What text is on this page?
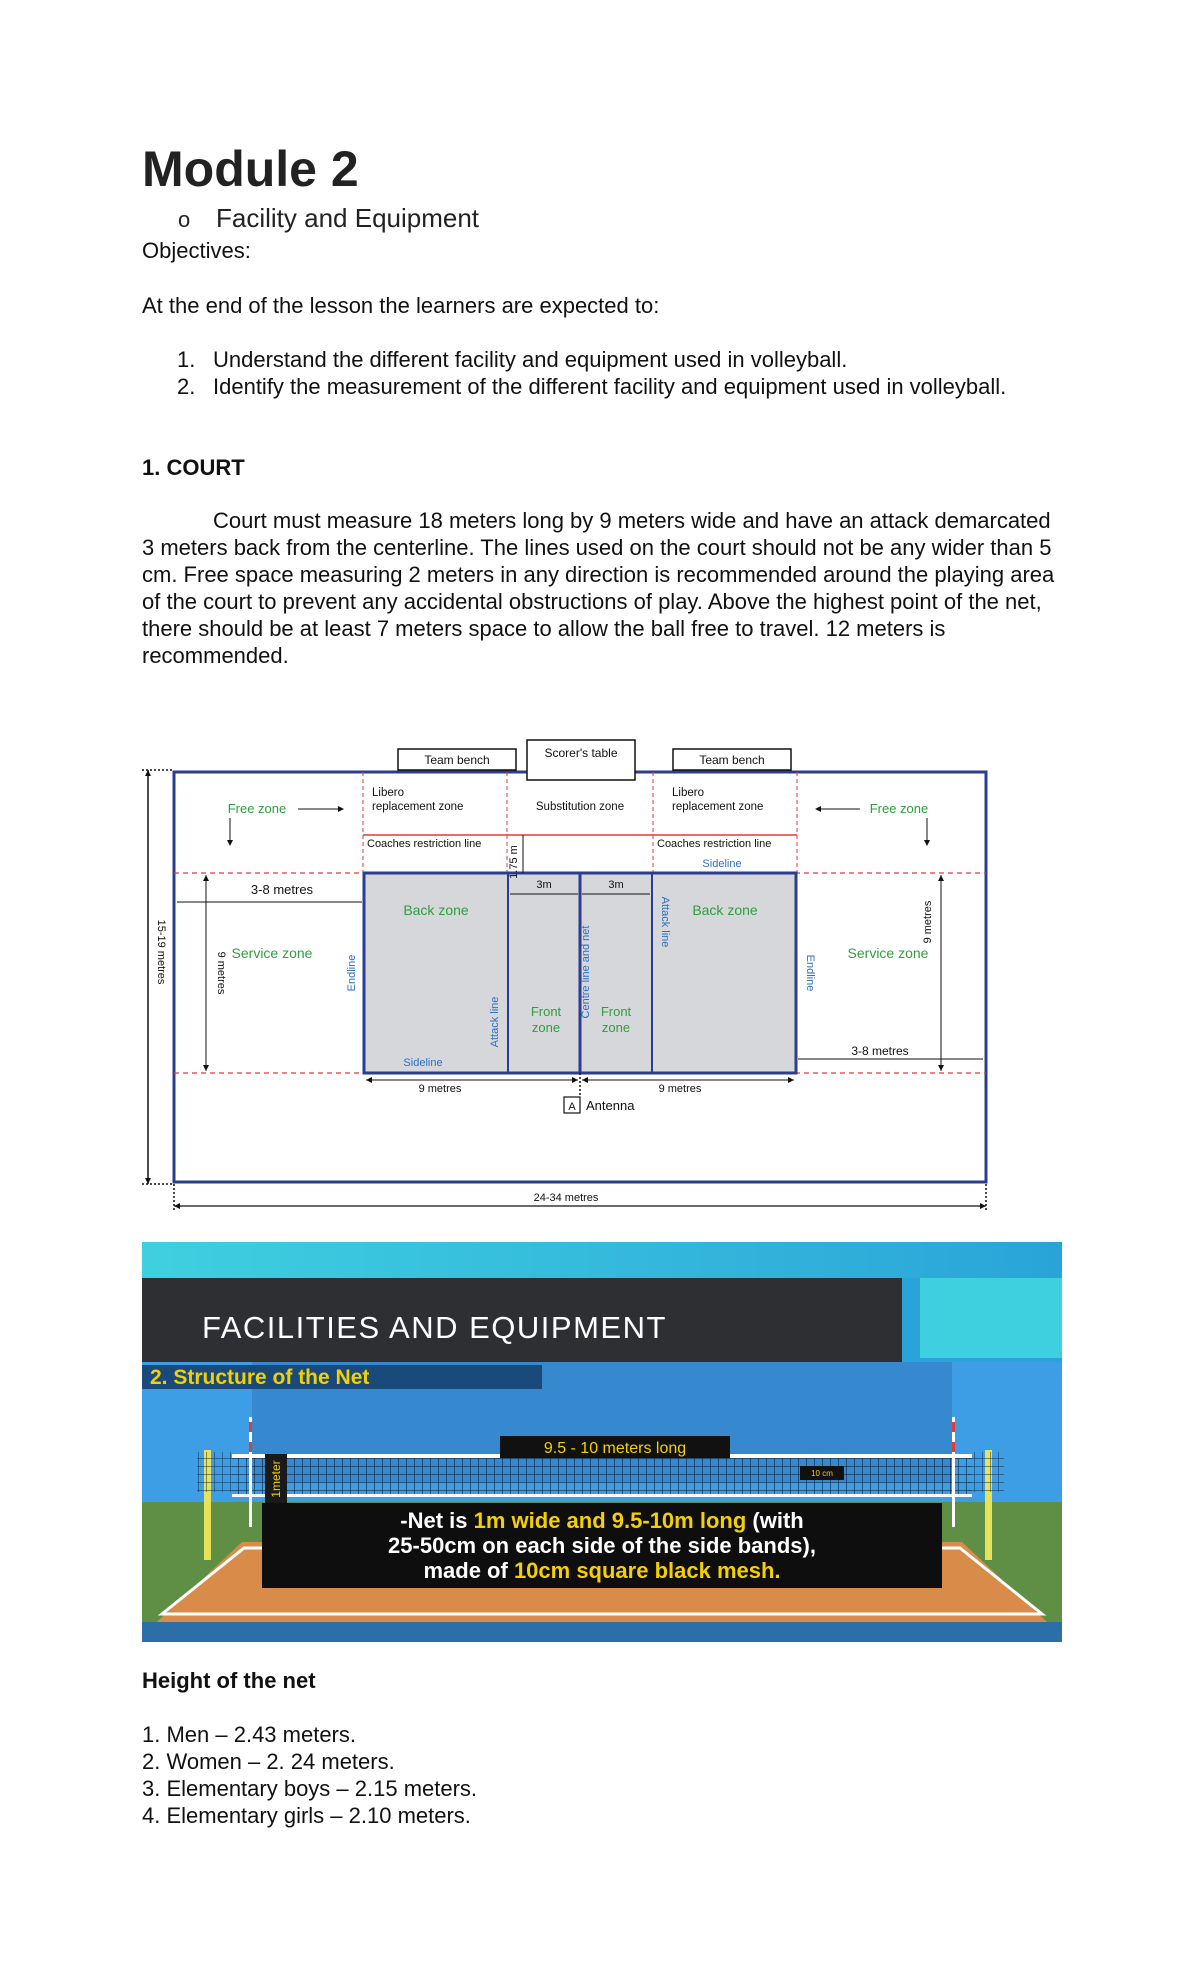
Module 2
o Facility and Equipment
Objectives:
At the end of the lesson the learners are expected to:
1. Understand the different facility and equipment used in volleyball.
2. Identify the measurement of the different facility and equipment used in volleyball.
1. COURT

Court must measure 18 meters long by 9 meters wide and have an attack demarcated 3 meters back from the centerline. The lines used on the court should not be any wider than 5 cm. Free space measuring 2 meters in any direction is recommended around the playing area of the court to prevent any accidental obstructions of play. Above the highest point of the net, there should be at least 7 meters space to allow the ball free to travel. 12 meters is recommended.

Team bench	Scorer's table	Team bench
Libero
replacement zone	Substitution zone
Libero
replacement zone
Coaches restriction line	Coaches restriction line
Sideline
1.75 m
Free zone	Free zone
3-8 metres
3-8 metres
3m	3m
Back zone	Back zone
Front
zone
Front
zone
Service zone	Service zone
Endline	Endline
Attack line
Attack line
Centre line and net
Sideline
9 metres
9 metres
9 metres	9 metres
A Antenna
15-19 metres
24-34 metres
FACILITIES AND EQUIPMENT
2. Structure of the Net
9.5 - 10 meters long
1meter	10 cm
-Net is 1m wide and 9.5-10m long (with
25-50cm on each side of the side bands),
made of 10cm square black mesh.
Height of the net
1. Men – 2.43 meters.
2. Women – 2. 24 meters.
3. Elementary boys – 2.15 meters.
4. Elementary girls – 2.10 meters.
